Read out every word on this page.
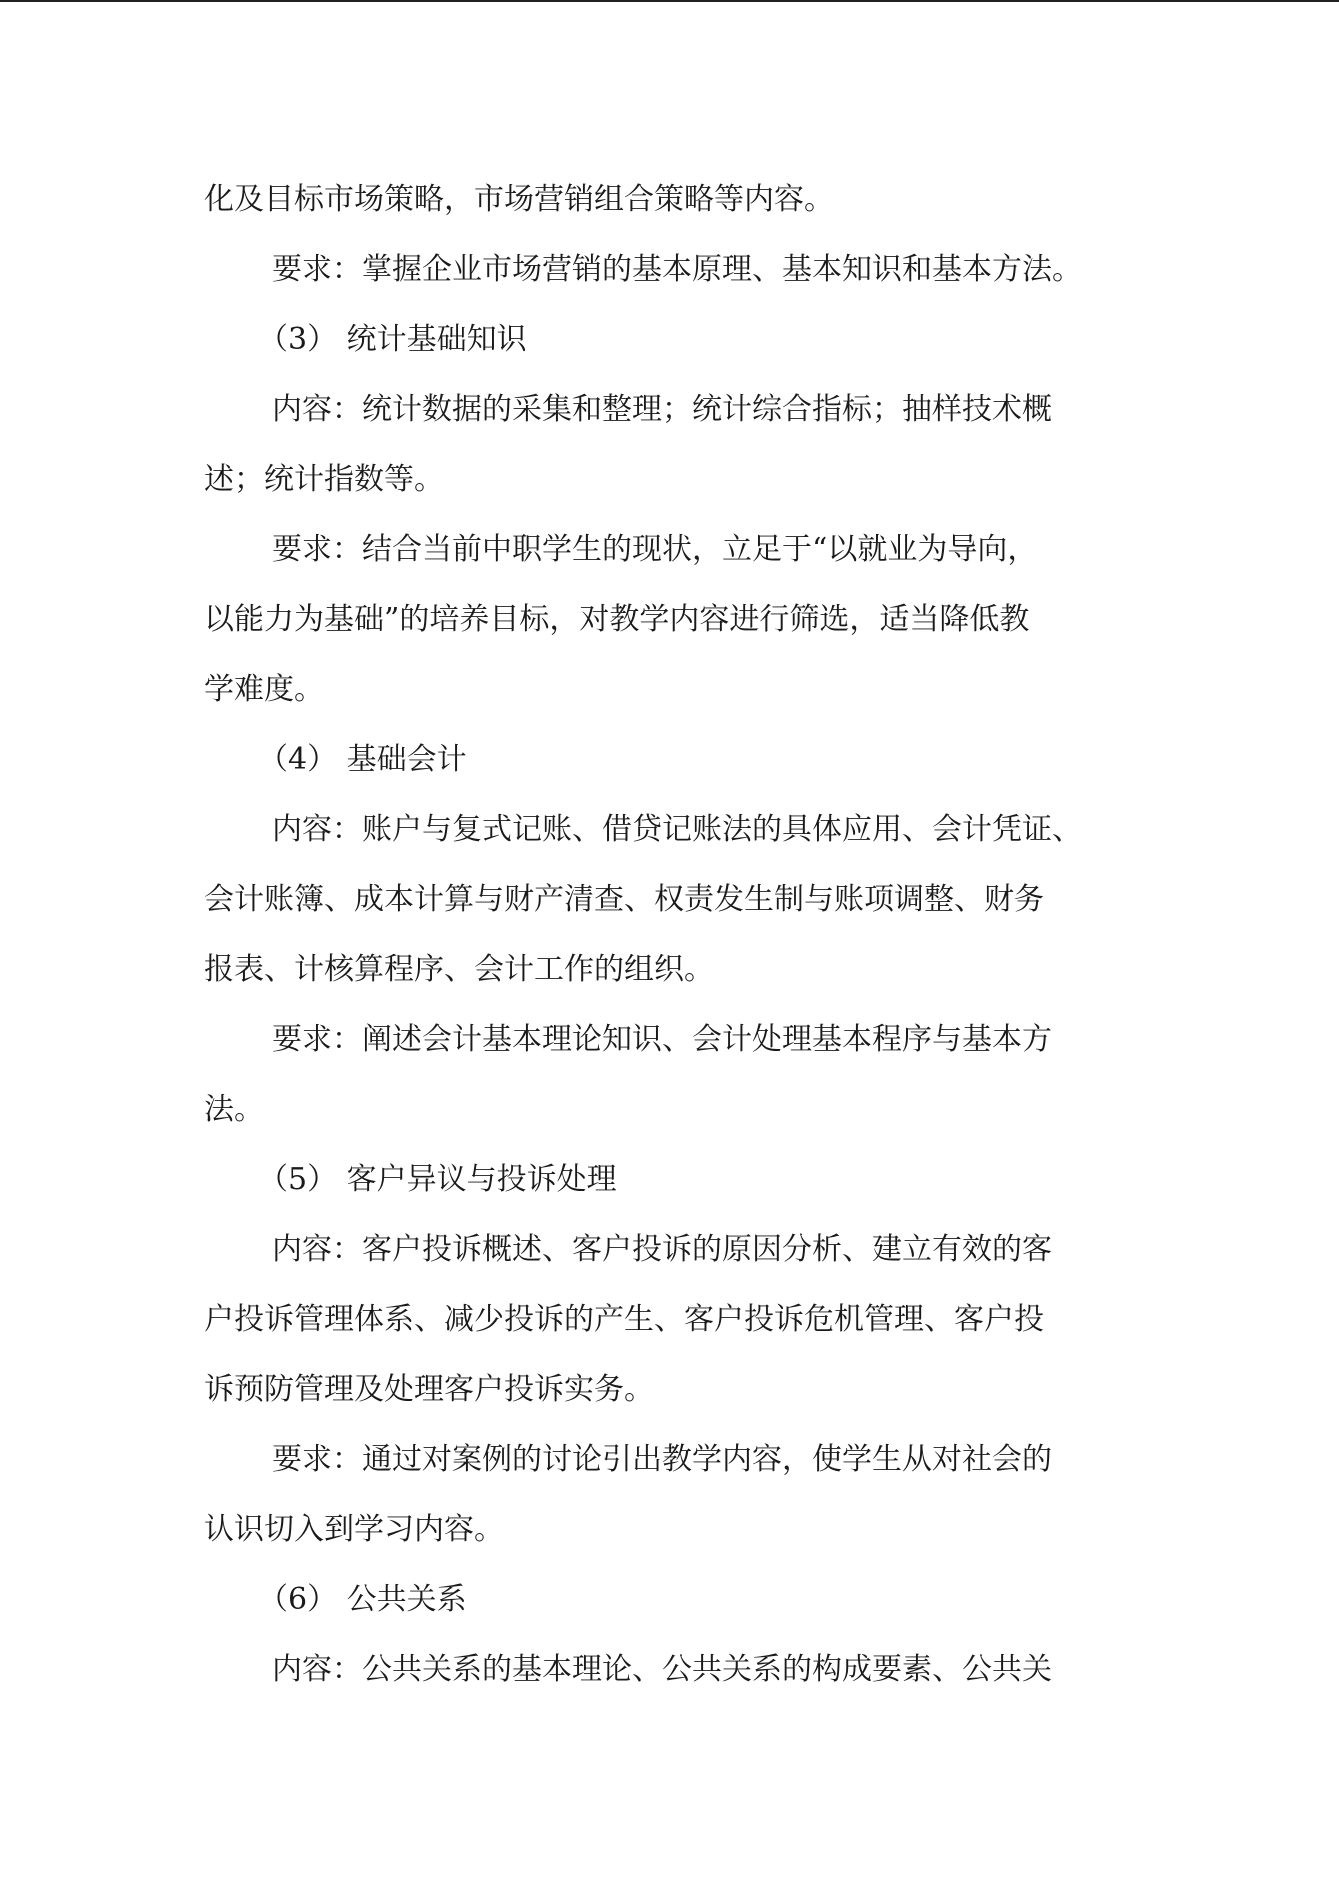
化及目标市场策略，市场营销组合策略等内容。
要求：掌握企业市场营销的基本原理、基本知识和基本方法。
（3） 统计基础知识
内容：统计数据的采集和整理；统计综合指标；抽样技术概
述；统计指数等。
要求：结合当前中职学生的现状，立足于“以就业为导向，
以能力为基础”的培养目标，对教学内容进行筛选，适当降低教
学难度。
（4） 基础会计
内容：账户与复式记账、借贷记账法的具体应用、会计凭证、
会计账簿、成本计算与财产清查、权责发生制与账项调整、财务
报表、计核算程序、会计工作的组织。
要求：阐述会计基本理论知识、会计处理基本程序与基本方
法。
（5） 客户异议与投诉处理
内容：客户投诉概述、客户投诉的原因分析、建立有效的客
户投诉管理体系、减少投诉的产生、客户投诉危机管理、客户投
诉预防管理及处理客户投诉实务。
要求：通过对案例的讨论引出教学内容，使学生从对社会的
认识切入到学习内容。
（6） 公共关系
内容：公共关系的基本理论、公共关系的构成要素、公共关
